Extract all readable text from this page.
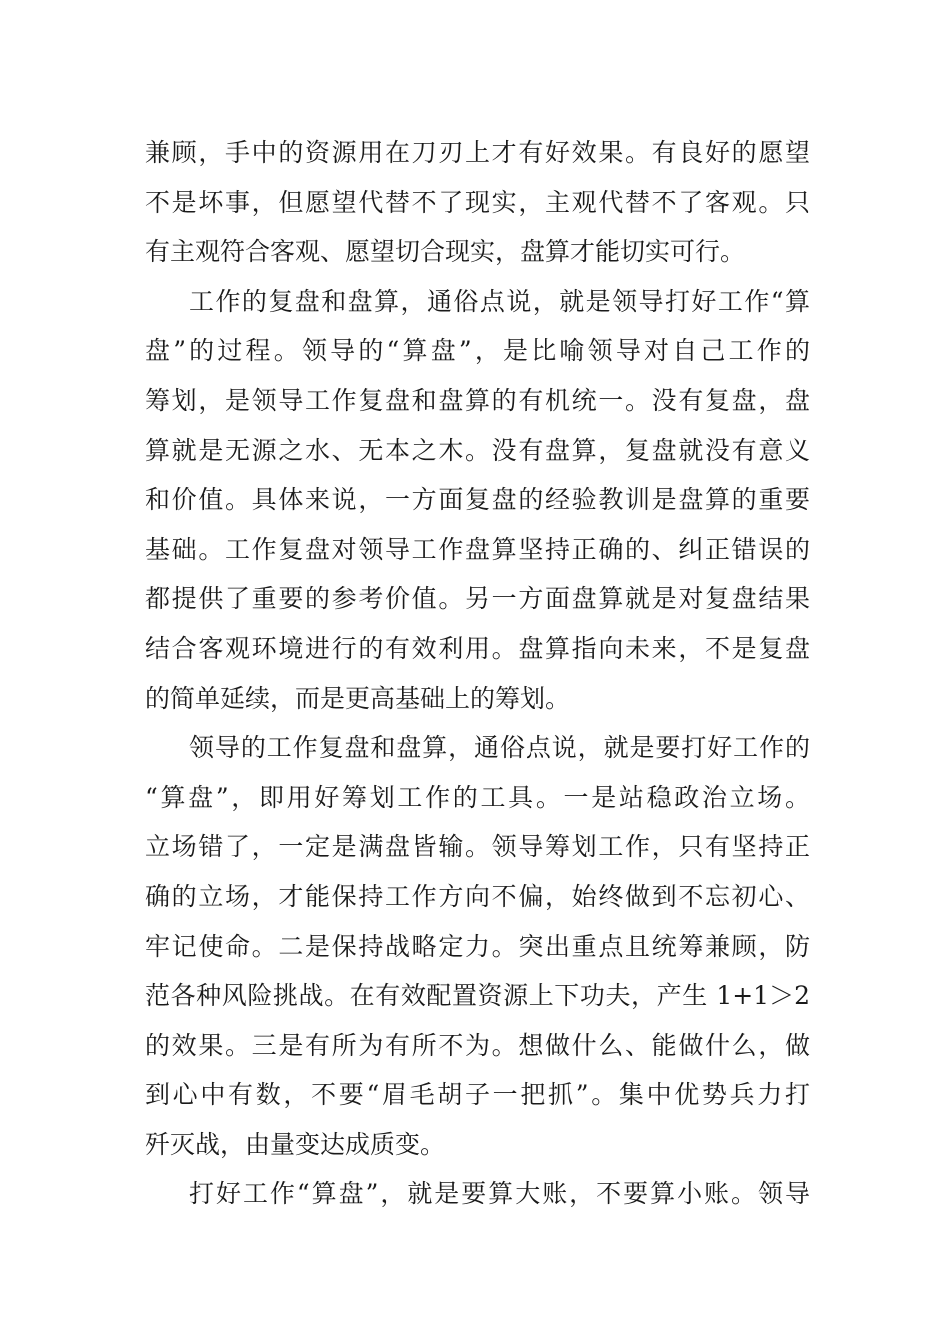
兼顾，手中的资源用在刀刃上才有好效果。有良好的愿望
不是坏事，但愿望代替不了现实，主观代替不了客观。只
有主观符合客观、愿望切合现实，盘算才能切实可行。
工作的复盘和盘算，通俗点说，就是领导打好工作“算
盘”的过程。领导的“算盘”，是比喻领导对自己工作的
筹划，是领导工作复盘和盘算的有机统一。没有复盘，盘
算就是无源之水、无本之木。没有盘算，复盘就没有意义
和价值。具体来说，一方面复盘的经验教训是盘算的重要
基础。工作复盘对领导工作盘算坚持正确的、纠正错误的
都提供了重要的参考价值。另一方面盘算就是对复盘结果
结合客观环境进行的有效利用。盘算指向未来，不是复盘
的简单延续，而是更高基础上的筹划。
领导的工作复盘和盘算，通俗点说，就是要打好工作的
“算盘”，即用好筹划工作的工具。一是站稳政治立场。
立场错了，一定是满盘皆输。领导筹划工作，只有坚持正
确的立场，才能保持工作方向不偏，始终做到不忘初心、
牢记使命。二是保持战略定力。突出重点且统筹兼顾，防
范各种风险挑战。在有效配置资源上下功夫，产生 1+1＞2
的效果。三是有所为有所不为。想做什么、能做什么，做
到心中有数，不要“眉毛胡子一把抓”。集中优势兵力打
歼灭战，由量变达成质变。
打好工作“算盘”，就是要算大账，不要算小账。领导
